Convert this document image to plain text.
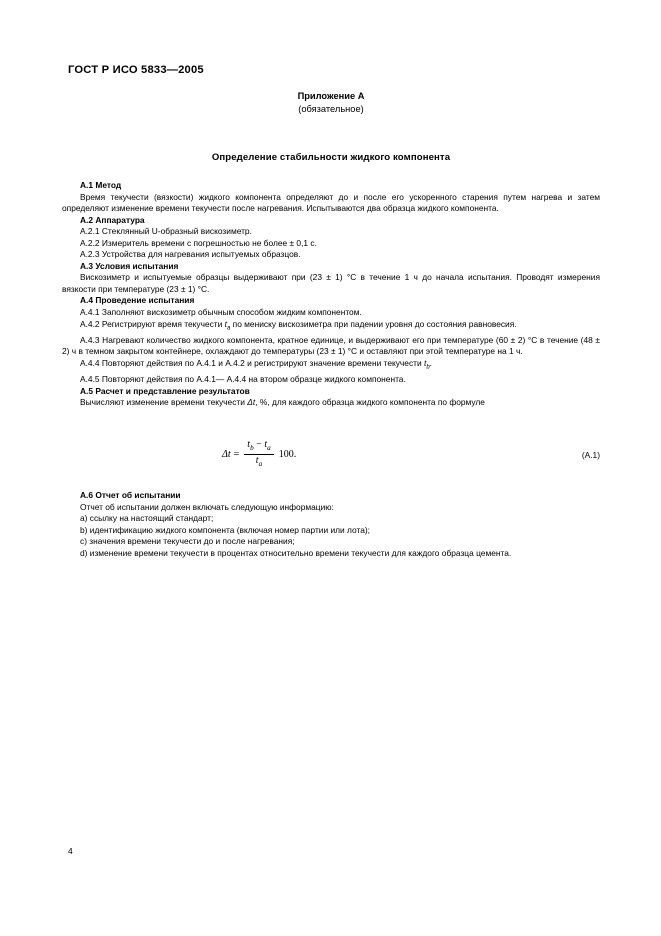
ГОСТ Р ИСО 5833—2005
Приложение А
(обязательное)
Определение стабильности жидкого компонента

А.1 Метод

Время текучести (вязкости) жидкого компонента определяют до и после его ускоренного старения путем нагрева и затем определяют изменение времени текучести после нагревания. Испытываются два образца жидкого компонента.

А.2 Аппаратура

А.2.1 Стеклянный U-образный вискозиметр.

А.2.2 Измеритель времени с погрешностью не более ± 0,1 с.

А.2.3 Устройства для нагревания испытуемых образцов.

А.3 Условия испытания

Вискозиметр и испытуемые образцы выдерживают при (23 ± 1) °С в течение 1 ч до начала испытания. Проводят измерения вязкости при температуре (23 ± 1) °С.

А.4 Проведение испытания

А.4.1 Заполняют вискозиметр обычным способом жидким компонентом.

А.4.2 Регистрируют время текучести $t_a$ по мениску вискозиметра при падении уровня до состояния равновесия.

А.4.3 Нагревают количество жидкого компонента, кратное единице, и выдерживают его при температуре (60 ± 2) °С в течение (48 ± 2) ч в темном закрытом контейнере, охлаждают до температуры (23 ± 1) °С и оставляют при этой температуре на 1 ч.

А.4.4 Повторяют действия по А.4.1 и А.4.2 и регистрируют значение времени текучести $t_b$.

А.4.5 Повторяют действия по А.4.1— А.4.4 на втором образце жидкого компонента.

А.5 Расчет и представление результатов

Вычисляют изменение времени текучести Δt, %, для каждого образца жидкого компонента по формуле

$\Delta t = \frac{t_b - t_a}{t_a} 100$.	(А.1)

А.6 Отчет об испытании

Отчет об испытании должен включать следующую информацию:

a) ссылку на настоящий стандарт;

b) идентификацию жидкого компонента (включая номер партии или лота);

c) значения времени текучести до и после нагревания;

d) изменение времени текучести в процентах относительно времени текучести для каждого образца цемента.

4
